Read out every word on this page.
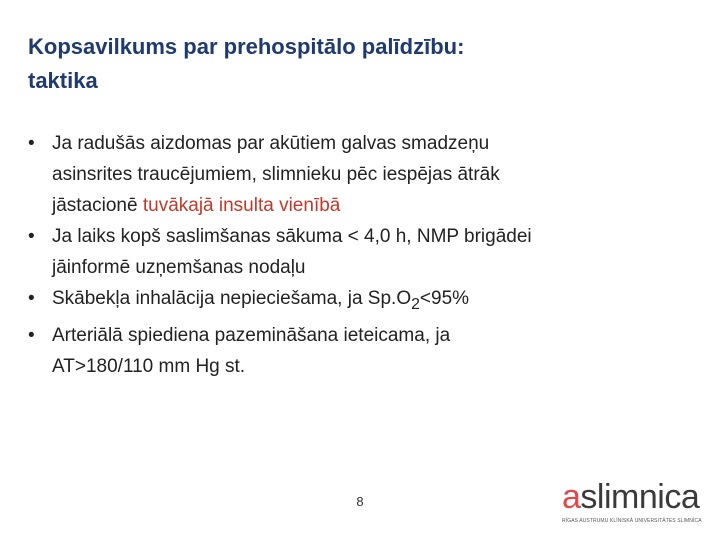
Kopsavilkums par prehospitālo palīdzību:
taktika
• Ja radušās aizdomas par akūtiem galvas smadzeņu
asinsrites traucējumiem, slimnieku pēc iespējas ātrāk
jāstacionē tuvākajā insulta vienībā
• Ja laiks kopš saslimšanas sākuma < 4,0 h, NMP brigādei
jāinformē uzņemšanas nodaļu
• Skābekļa inhalācija nepieciešama, ja $Sp.O_2<95\%$
• Arteriālā spiediena pazemināšana ieteicama, ja
AT>180/110 mm Hg st.
8	aslimnica
RĪGAS AUSTRUMU KLĪNISKĀ UNIVERSITĀTES SLIMNĪCA
